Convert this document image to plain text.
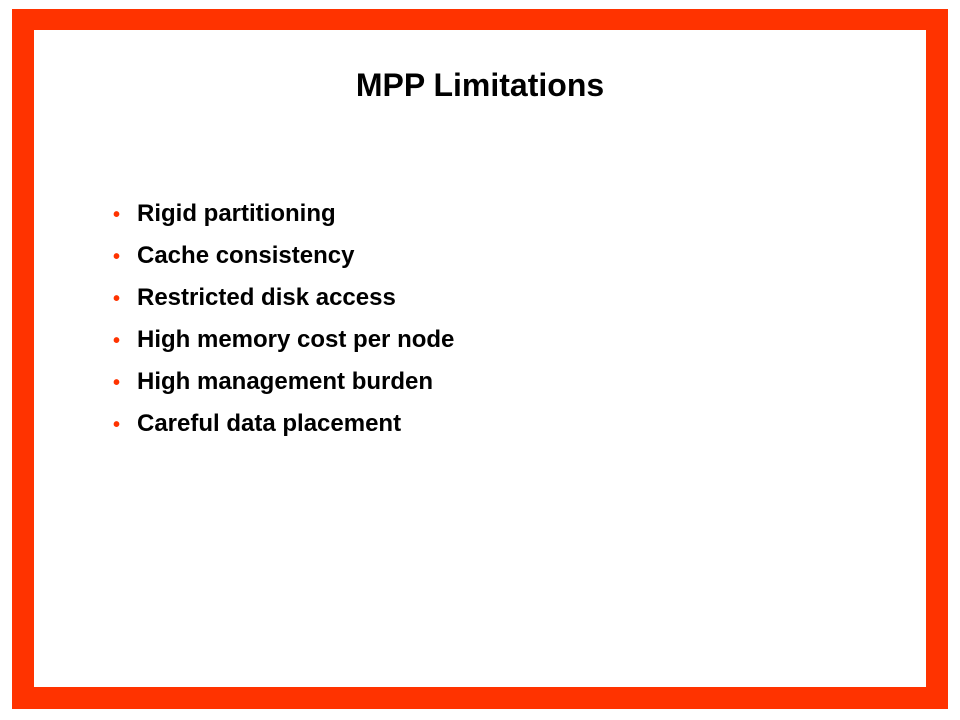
MPP Limitations
• Rigid partitioning
• Cache consistency
• Restricted disk access
• High memory cost per node
• High management burden
• Careful data placement
